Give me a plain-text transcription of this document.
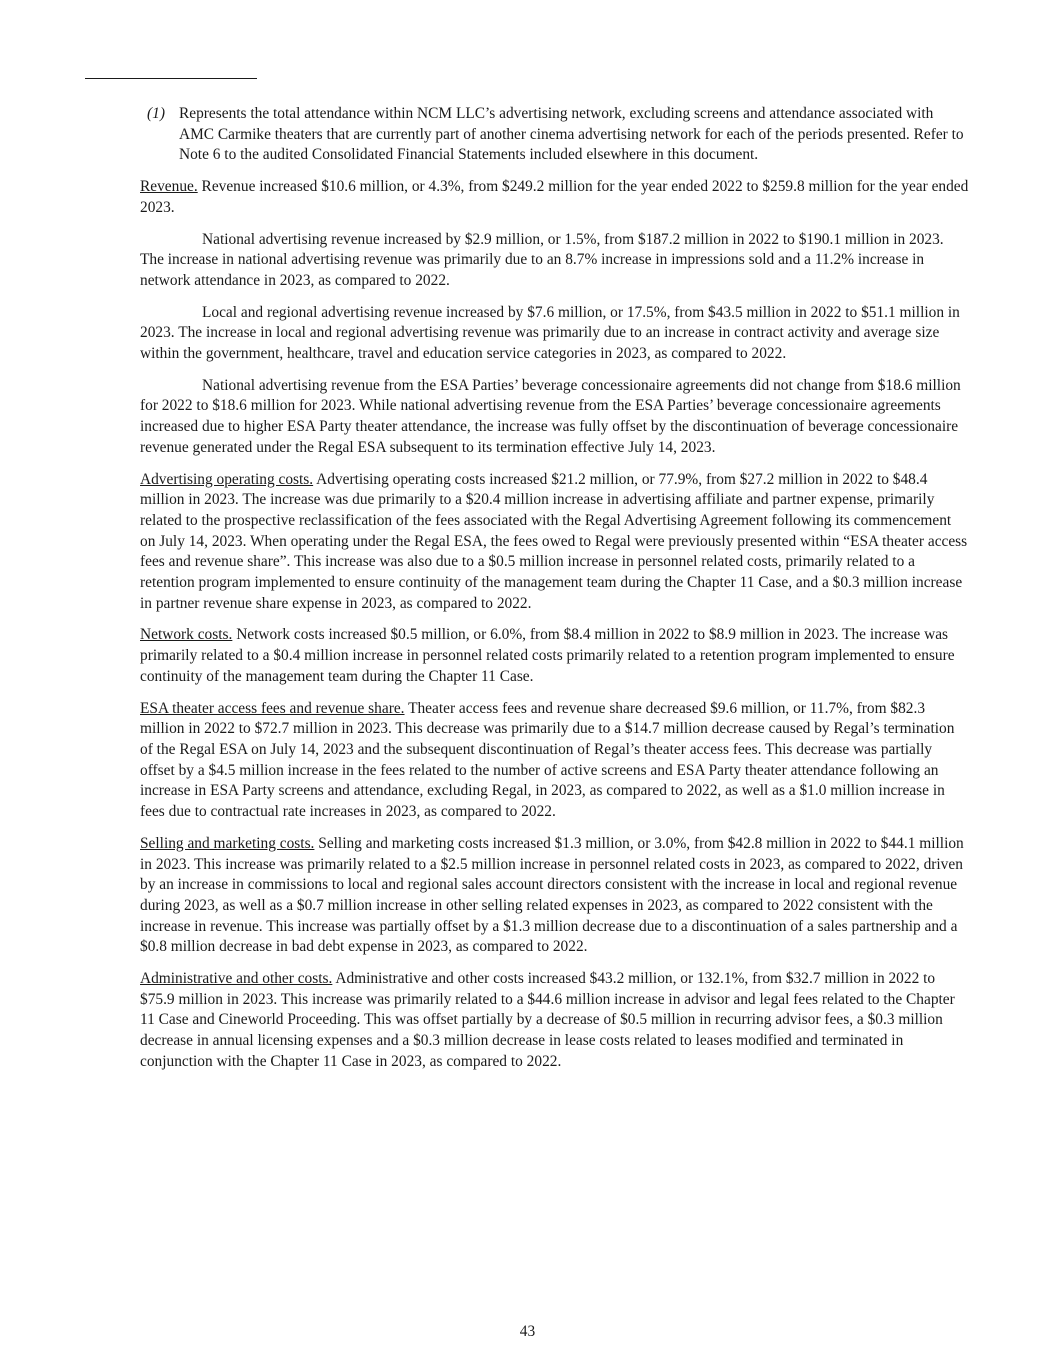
(1) Represents the total attendance within NCM LLC’s advertising network, excluding screens and attendance associated with AMC Carmike theaters that are currently part of another cinema advertising network for each of the periods presented. Refer to Note 6 to the audited Consolidated Financial Statements included elsewhere in this document.

Revenue. Revenue increased $10.6 million, or 4.3%, from $249.2 million for the year ended 2022 to $259.8 million for the year ended 2023.

National advertising revenue increased by $2.9 million, or 1.5%, from $187.2 million in 2022 to $190.1 million in 2023. The increase in national advertising revenue was primarily due to an 8.7% increase in impressions sold and a 11.2% increase in network attendance in 2023, as compared to 2022.

Local and regional advertising revenue increased by $7.6 million, or 17.5%, from $43.5 million in 2022 to $51.1 million in 2023. The increase in local and regional advertising revenue was primarily due to an increase in contract activity and average size within the government, healthcare, travel and education service categories in 2023, as compared to 2022.

National advertising revenue from the ESA Parties’ beverage concessionaire agreements did not change from $18.6 million for 2022 to $18.6 million for 2023. While national advertising revenue from the ESA Parties’ beverage concessionaire agreements increased due to higher ESA Party theater attendance, the increase was fully offset by the discontinuation of beverage concessionaire revenue generated under the Regal ESA subsequent to its termination effective July 14, 2023.

Advertising operating costs. Advertising operating costs increased $21.2 million, or 77.9%, from $27.2 million in 2022 to $48.4 million in 2023. The increase was due primarily to a $20.4 million increase in advertising affiliate and partner expense, primarily related to the prospective reclassification of the fees associated with the Regal Advertising Agreement following its commencement on July 14, 2023. When operating under the Regal ESA, the fees owed to Regal were previously presented within “ESA theater access fees and revenue share”. This increase was also due to a $0.5 million increase in personnel related costs, primarily related to a retention program implemented to ensure continuity of the management team during the Chapter 11 Case, and a $0.3 million increase in partner revenue share expense in 2023, as compared to 2022.

Network costs. Network costs increased $0.5 million, or 6.0%, from $8.4 million in 2022 to $8.9 million in 2023. The increase was primarily related to a $0.4 million increase in personnel related costs primarily related to a retention program implemented to ensure continuity of the management team during the Chapter 11 Case.

ESA theater access fees and revenue share. Theater access fees and revenue share decreased $9.6 million, or 11.7%, from $82.3 million in 2022 to $72.7 million in 2023. This decrease was primarily due to a $14.7 million decrease caused by Regal’s termination of the Regal ESA on July 14, 2023 and the subsequent discontinuation of Regal’s theater access fees. This decrease was partially offset by a $4.5 million increase in the fees related to the number of active screens and ESA Party theater attendance following an increase in ESA Party screens and attendance, excluding Regal, in 2023, as compared to 2022, as well as a $1.0 million increase in fees due to contractual rate increases in 2023, as compared to 2022.

Selling and marketing costs. Selling and marketing costs increased $1.3 million, or 3.0%, from $42.8 million in 2022 to $44.1 million in 2023. This increase was primarily related to a $2.5 million increase in personnel related costs in 2023, as compared to 2022, driven by an increase in commissions to local and regional sales account directors consistent with the increase in local and regional revenue during 2023, as well as a $0.7 million increase in other selling related expenses in 2023, as compared to 2022 consistent with the increase in revenue. This increase was partially offset by a $1.3 million decrease due to a discontinuation of a sales partnership and a $0.8 million decrease in bad debt expense in 2023, as compared to 2022.

Administrative and other costs. Administrative and other costs increased $43.2 million, or 132.1%, from $32.7 million in 2022 to $75.9 million in 2023. This increase was primarily related to a $44.6 million increase in advisor and legal fees related to the Chapter 11 Case and Cineworld Proceeding. This was offset partially by a decrease of $0.5 million in recurring advisor fees, a $0.3 million decrease in annual licensing expenses and a $0.3 million decrease in lease costs related to leases modified and terminated in conjunction with the Chapter 11 Case in 2023, as compared to 2022.

43
